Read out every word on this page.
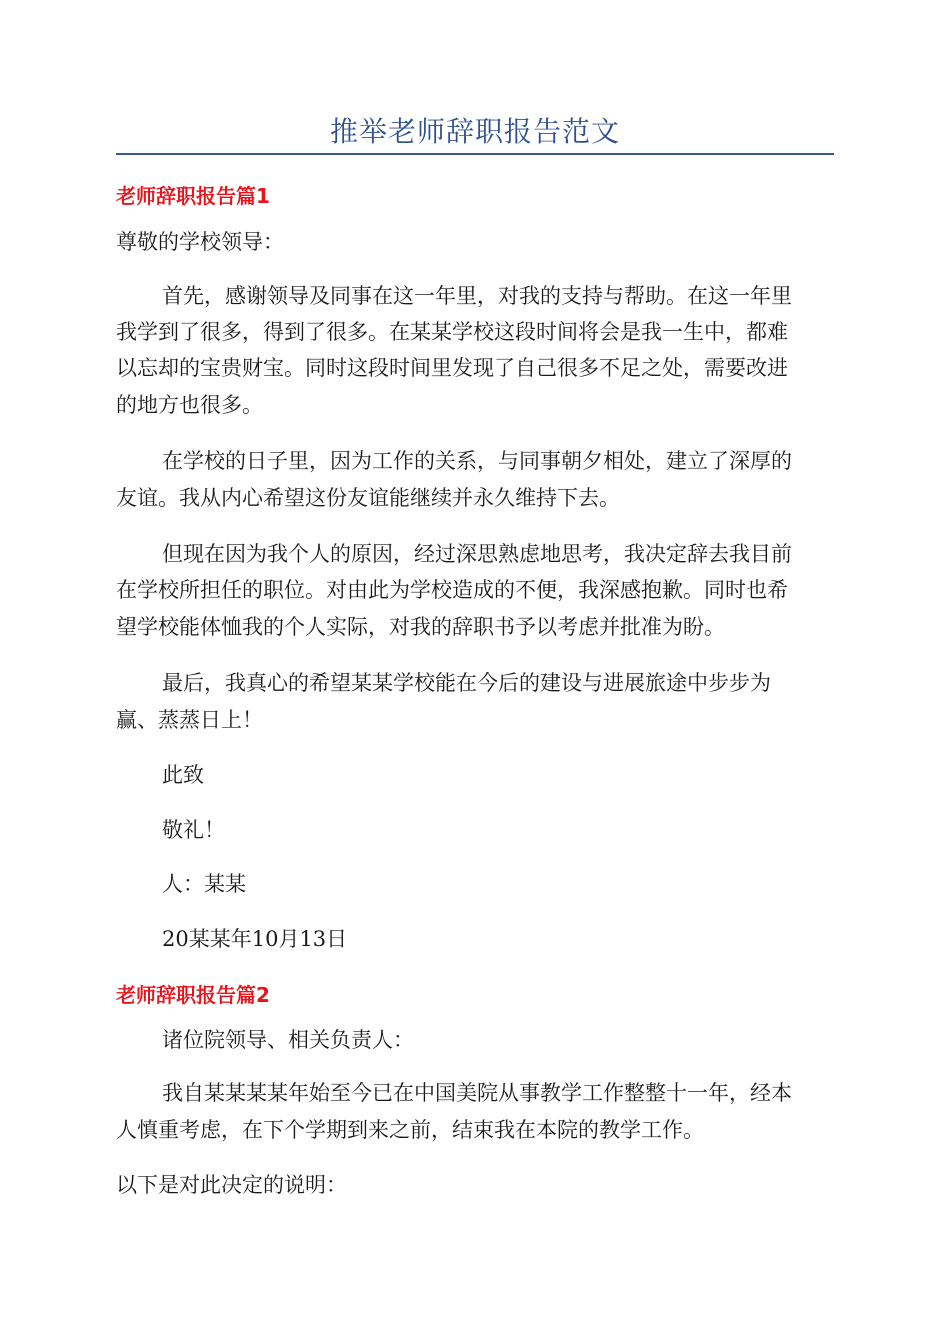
推举老师辞职报告范文
老师辞职报告篇1
尊敬的学校领导：
首先，感谢领导及同事在这一年里，对我的支持与帮助。在这一年里
我学到了很多，得到了很多。在某某学校这段时间将会是我一生中，都难
以忘却的宝贵财宝。同时这段时间里发现了自己很多不足之处，需要改进
的地方也很多。
在学校的日子里，因为工作的关系，与同事朝夕相处，建立了深厚的
友谊。我从内心希望这份友谊能继续并永久维持下去。
但现在因为我个人的原因，经过深思熟虑地思考，我决定辞去我目前
在学校所担任的职位。对由此为学校造成的不便，我深感抱歉。同时也希
望学校能体恤我的个人实际，对我的辞职书予以考虑并批准为盼。
最后，我真心的希望某某学校能在今后的建设与进展旅途中步步为
赢、蒸蒸日上！
此致
敬礼！
人：某某
20某某年10月13日
老师辞职报告篇2
诸位院领导、相关负责人：
我自某某某某年始至今已在中国美院从事教学工作整整十一年，经本
人慎重考虑，在下个学期到来之前，结束我在本院的教学工作。
以下是对此决定的说明：
